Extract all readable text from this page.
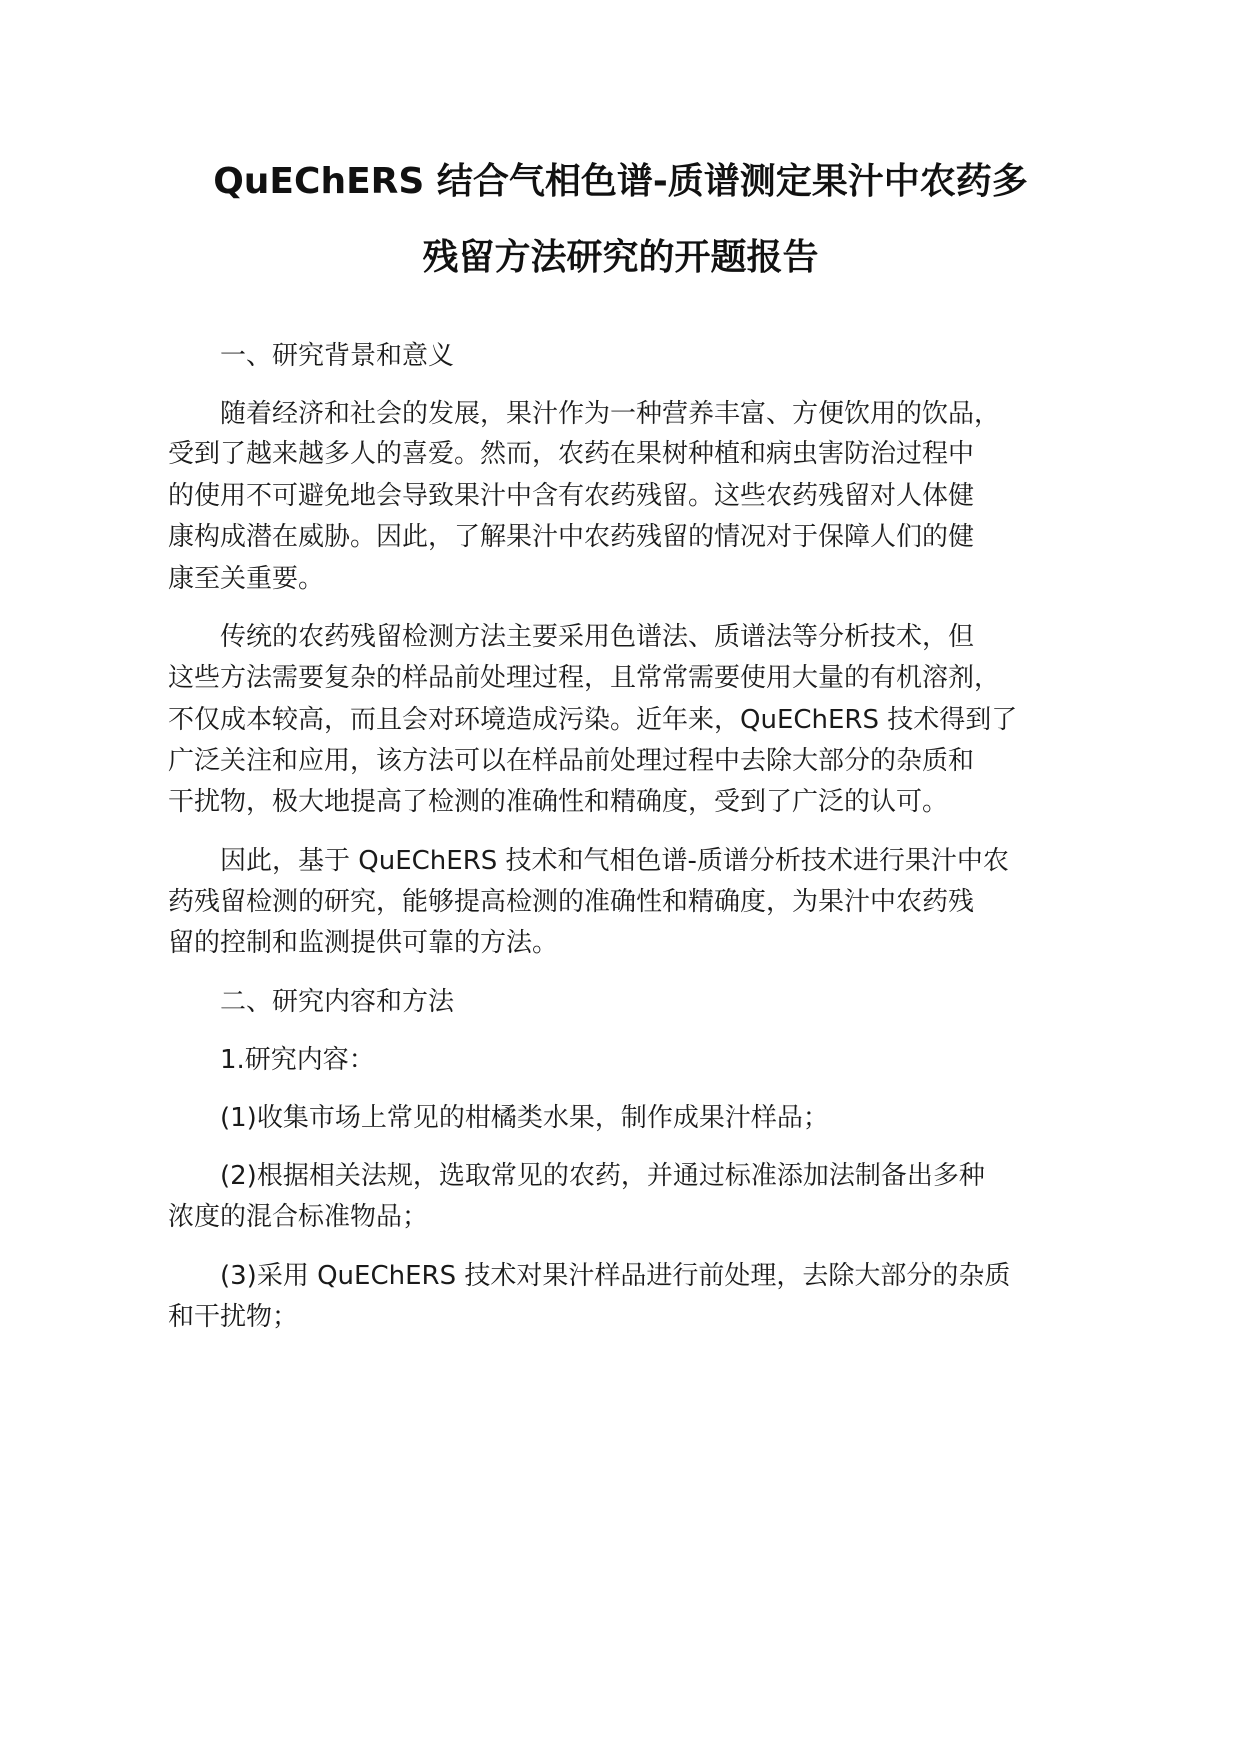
QuEChERS 结合气相色谱-质谱测定果汁中农药多
残留方法研究的开题报告
一、研究背景和意义
随着经济和社会的发展，果汁作为一种营养丰富、方便饮用的饮品，
受到了越来越多人的喜爱。然而，农药在果树种植和病虫害防治过程中
的使用不可避免地会导致果汁中含有农药残留。这些农药残留对人体健
康构成潜在威胁。因此，了解果汁中农药残留的情况对于保障人们的健
康至关重要。
传统的农药残留检测方法主要采用色谱法、质谱法等分析技术，但
这些方法需要复杂的样品前处理过程，且常常需要使用大量的有机溶剂，
不仅成本较高，而且会对环境造成污染。近年来，QuEChERS 技术得到了
广泛关注和应用，该方法可以在样品前处理过程中去除大部分的杂质和
干扰物，极大地提高了检测的准确性和精确度，受到了广泛的认可。
因此，基于 QuEChERS 技术和气相色谱-质谱分析技术进行果汁中农
药残留检测的研究，能够提高检测的准确性和精确度，为果汁中农药残
留的控制和监测提供可靠的方法。
二、研究内容和方法
1.研究内容：
(1)收集市场上常见的柑橘类水果，制作成果汁样品；
(2)根据相关法规，选取常见的农药，并通过标准添加法制备出多种
浓度的混合标准物品；
(3)采用 QuEChERS 技术对果汁样品进行前处理，去除大部分的杂质
和干扰物；
